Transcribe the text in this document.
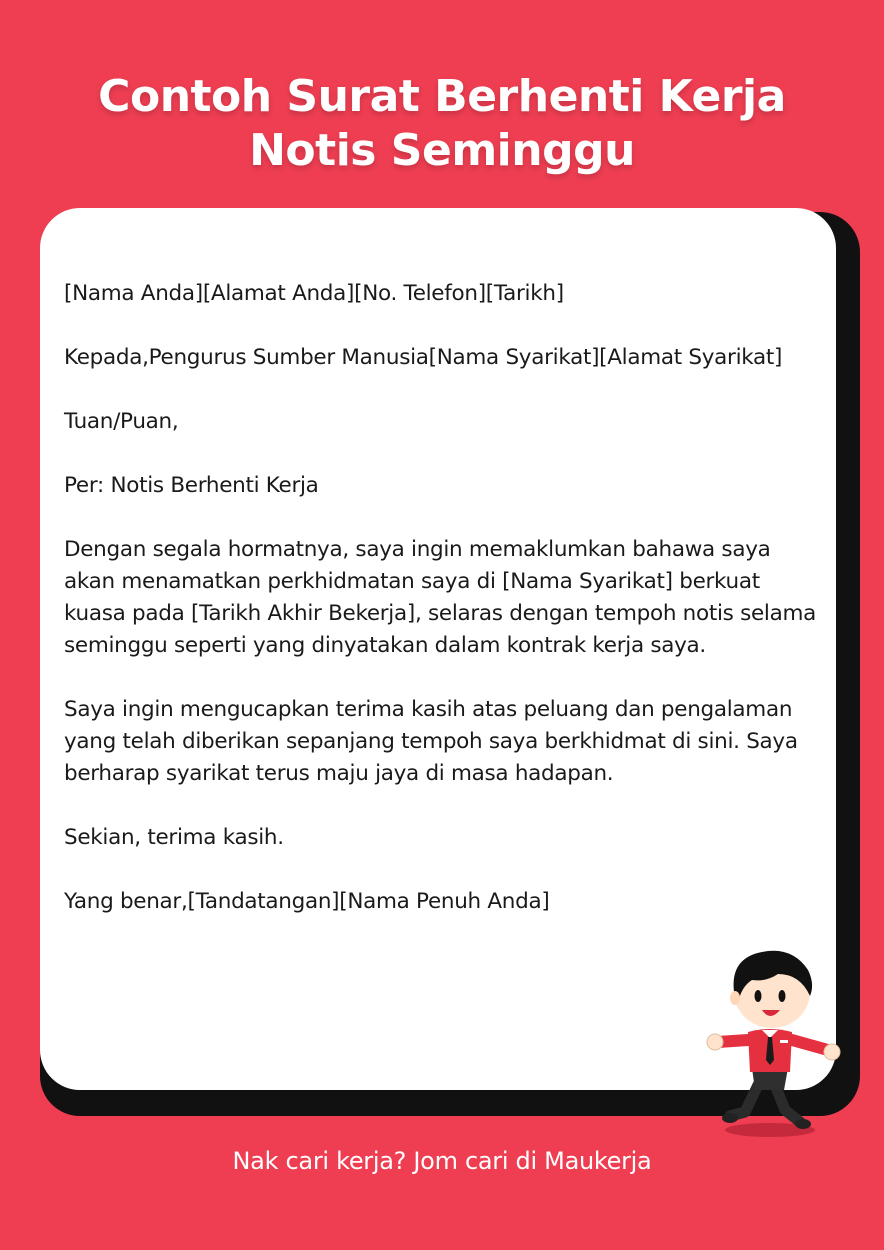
Contoh Surat Berhenti Kerja
Notis Seminggu

[Nama Anda][Alamat Anda][No. Telefon][Tarikh]

Kepada,Pengurus Sumber Manusia[Nama Syarikat][Alamat Syarikat]

Tuan/Puan,

Per: Notis Berhenti Kerja

Dengan segala hormatnya, saya ingin memaklumkan bahawa saya akan menamatkan perkhidmatan saya di [Nama Syarikat] berkuat kuasa pada [Tarikh Akhir Bekerja], selaras dengan tempoh notis selama seminggu seperti yang dinyatakan dalam kontrak kerja saya.

Saya ingin mengucapkan terima kasih atas peluang dan pengalaman yang telah diberikan sepanjang tempoh saya berkhidmat di sini. Saya berharap syarikat terus maju jaya di masa hadapan.

Sekian, terima kasih.

Yang benar,[Tandatangan][Nama Penuh Anda]

Nak cari kerja? Jom cari di Maukerja
